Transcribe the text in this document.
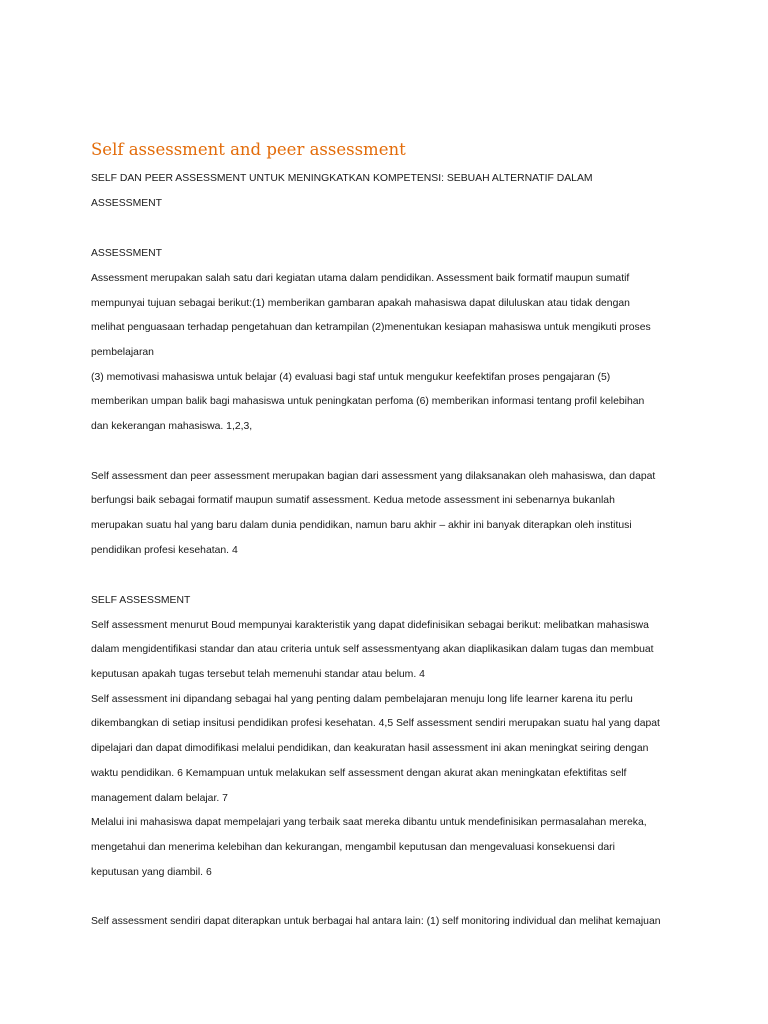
Self assessment and peer assessment

SELF DAN PEER ASSESSMENT UNTUK MENINGKATKAN KOMPETENSI: SEBUAH ALTERNATIF DALAM

ASSESSMENT

ASSESSMENT

Assessment merupakan salah satu dari kegiatan utama dalam pendidikan. Assessment baik formatif maupun sumatif

mempunyai tujuan sebagai berikut:(1) memberikan gambaran apakah mahasiswa dapat diluluskan atau tidak dengan

melihat penguasaan terhadap pengetahuan dan ketrampilan (2)menentukan kesiapan mahasiswa untuk mengikuti proses

pembelajaran

(3) memotivasi mahasiswa untuk belajar (4) evaluasi bagi staf untuk mengukur keefektifan proses pengajaran (5)

memberikan umpan balik bagi mahasiswa untuk peningkatan perfoma (6) memberikan informasi tentang profil kelebihan

dan kekerangan mahasiswa. 1,2,3,

Self assessment dan peer assessment merupakan bagian dari assessment yang dilaksanakan oleh mahasiswa, dan dapat

berfungsi baik sebagai formatif maupun sumatif assessment. Kedua metode assessment ini sebenarnya bukanlah

merupakan suatu hal yang baru dalam dunia pendidikan, namun baru akhir – akhir ini banyak diterapkan oleh institusi

pendidikan profesi kesehatan. 4

SELF ASSESSMENT

Self assessment menurut Boud mempunyai karakteristik yang dapat didefinisikan sebagai berikut: melibatkan mahasiswa

dalam mengidentifikasi standar dan atau criteria untuk self assessmentyang akan diaplikasikan dalam tugas dan membuat

keputusan apakah tugas tersebut telah memenuhi standar atau belum. 4

Self assessment ini dipandang sebagai hal yang penting dalam pembelajaran menuju long life learner karena itu perlu

dikembangkan di setiap insitusi pendidikan profesi kesehatan. 4,5 Self assessment sendiri merupakan suatu hal yang dapat

dipelajari dan dapat dimodifikasi melalui pendidikan, dan keakuratan hasil assessment ini akan meningkat seiring dengan

waktu pendidikan. 6 Kemampuan untuk melakukan self assessment dengan akurat akan meningkatan efektifitas self

management dalam belajar. 7

Melalui ini mahasiswa dapat mempelajari yang terbaik saat mereka dibantu untuk mendefinisikan permasalahan mereka,

mengetahui dan menerima kelebihan dan kekurangan, mengambil keputusan dan mengevaluasi konsekuensi dari

keputusan yang diambil. 6

Self assessment sendiri dapat diterapkan untuk berbagai hal antara lain: (1) self monitoring individual dan melihat kemajuan
